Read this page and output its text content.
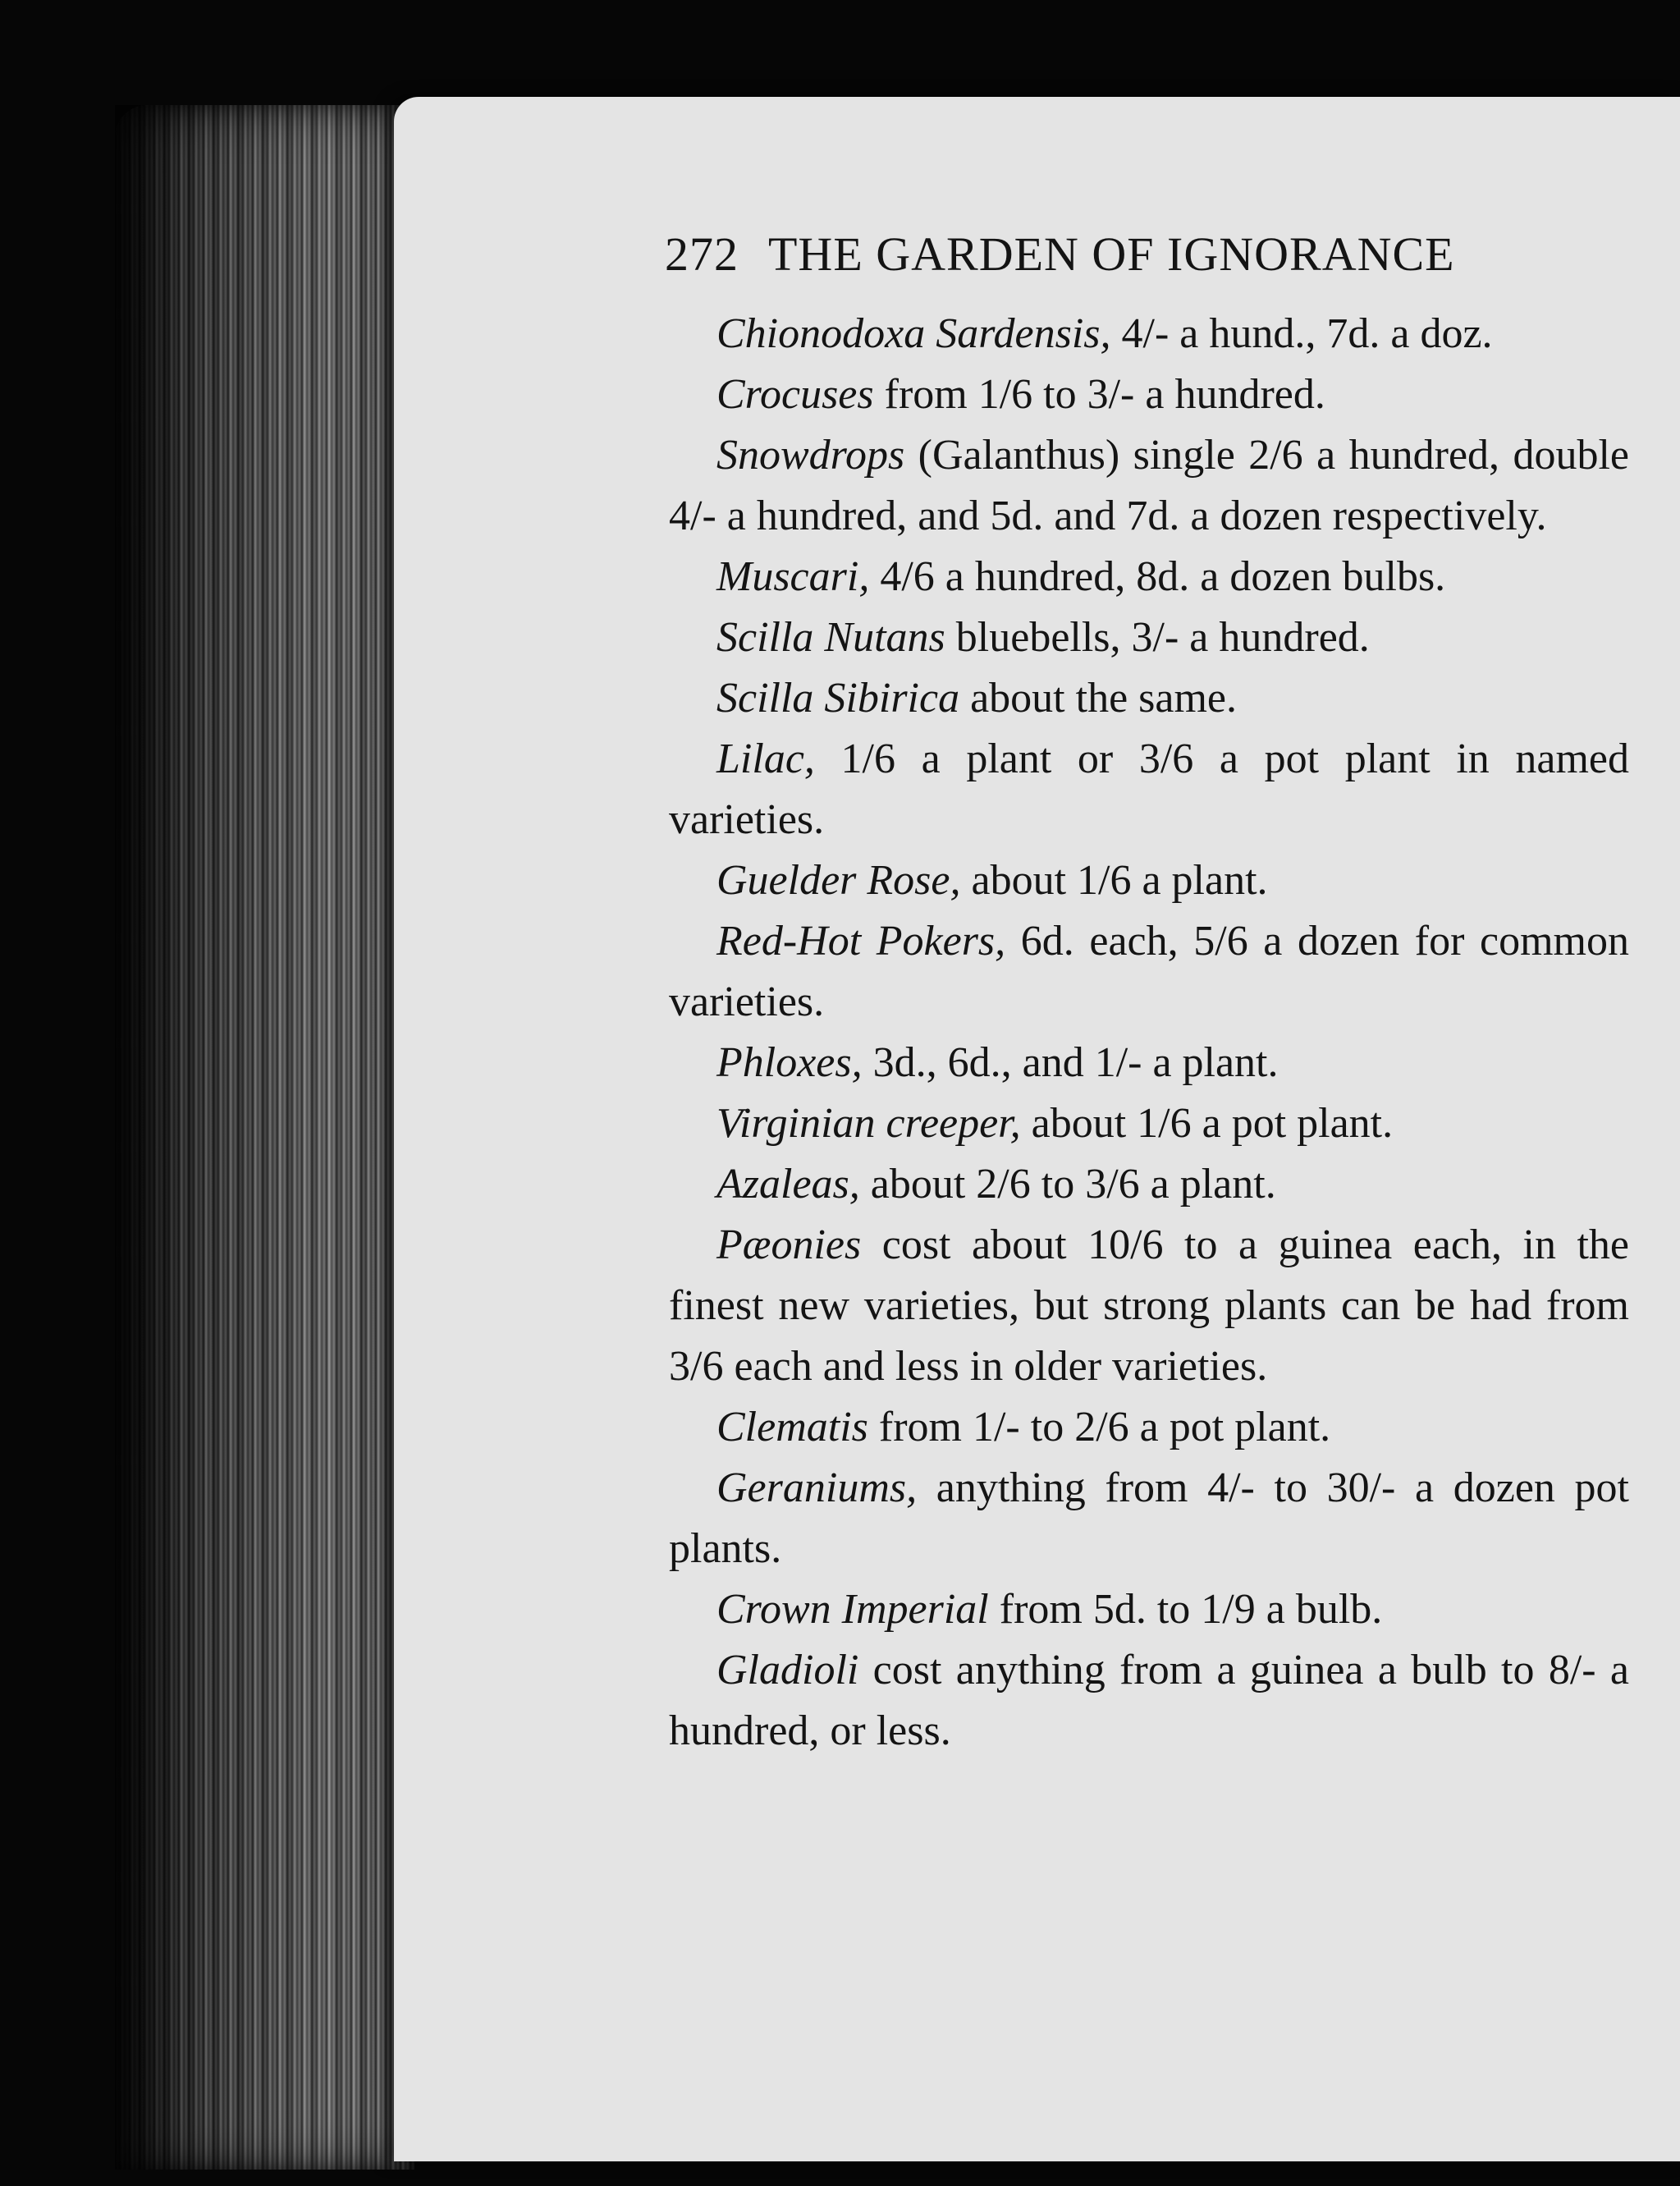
272 THE GARDEN OF IGNORANCE

Chionodoxa Sardensis, 4/- a hund., 7d. a doz.

Crocuses from 1/6 to 3/- a hundred.

Snowdrops (Galanthus) single 2/6 a hundred, double 4/- a hundred, and 5d. and 7d. a dozen respectively.

Muscari, 4/6 a hundred, 8d. a dozen bulbs.

Scilla Nutans bluebells, 3/- a hundred.

Scilla Sibirica about the same.

Lilac, 1/6 a plant or 3/6 a pot plant in named varieties.

Guelder Rose, about 1/6 a plant.

Red-Hot Pokers, 6d. each, 5/6 a dozen for common varieties.

Phloxes, 3d., 6d., and 1/- a plant.

Virginian creeper, about 1/6 a pot plant.

Azaleas, about 2/6 to 3/6 a plant.

Pæonies cost about 10/6 to a guinea each, in the finest new varieties, but strong plants can be had from 3/6 each and less in older varieties.

Clematis from 1/- to 2/6 a pot plant.

Geraniums, anything from 4/- to 30/- a dozen pot plants.

Crown Imperial from 5d. to 1/9 a bulb.

Gladioli cost anything from a guinea a bulb to 8/- a hundred, or less.
